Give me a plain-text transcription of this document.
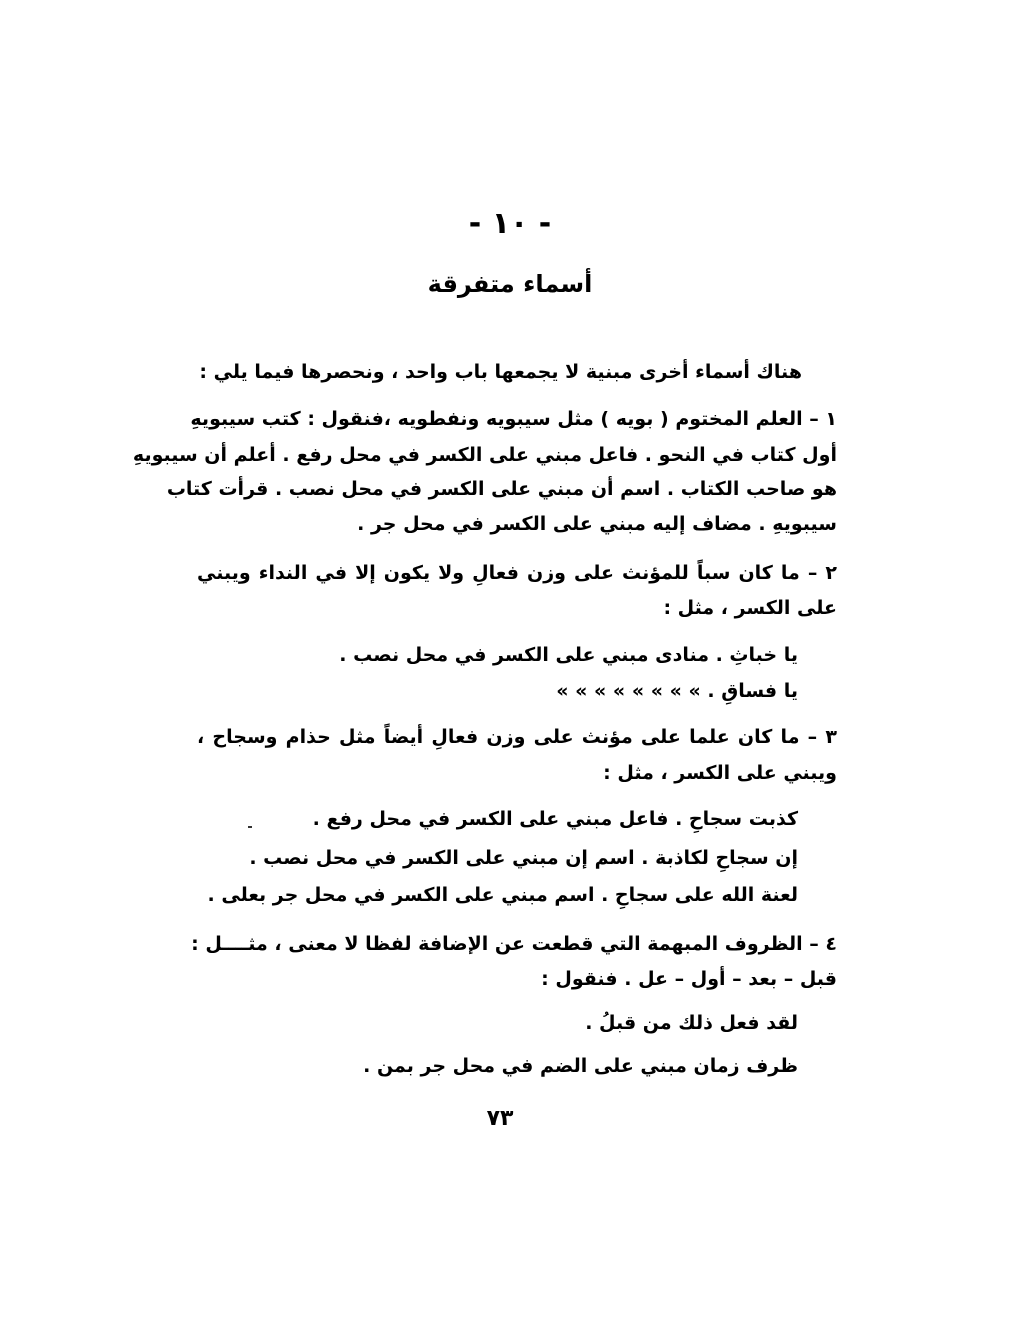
- ١٠ -
أسماء متفرقة
هناك أسماء أخرى مبنية لا يجمعها باب واحد ، ونحصرها فيما يلي :
١ – العلم المختوم ( بويه ) مثل سيبويه ونفطويه ،فنقول : كتب سيبويهِ
أول كتاب في النحو . فاعل مبني على الكسر في محل رفع . أعلم أن سيبويهِ
هو صاحب الكتاب . اسم أن مبني على الكسر في محل نصب . قرأت كتاب
سيبويهِ . مضاف إليه مبني على الكسر في محل جر .
٢ – ما كان سباً للمؤنث على وزن فعالِ ولا يكون إلا في النداء ويبني
على الكسر ، مثل :
يا خباثِ . منادى مبني على الكسر في محل نصب .
يا فساقِ . » » » » » » » »
٣ – ما كان علما على مؤنث على وزن فعالِ أيضاً مثل حذام وسجاح ،
ويبني على الكسر ، مثل :
كذبت سجاحِ . فاعل مبني على الكسر في محل رفع .
إن سجاحِ لكاذبة . اسم إن مبني على الكسر في محل نصب .
لعنة الله على سجاحِ . اسم مبني على الكسر في محل جر بعلى .
٤ – الظروف المبهمة التي قطعت عن الإضافة لفظا لا معنى ، مثــــل :
قبل – بعد – أول – عل . فنقول :
لقد فعل ذلك من قبلُ .
ظرف زمان مبني على الضم في محل جر بمن .
٧٣
